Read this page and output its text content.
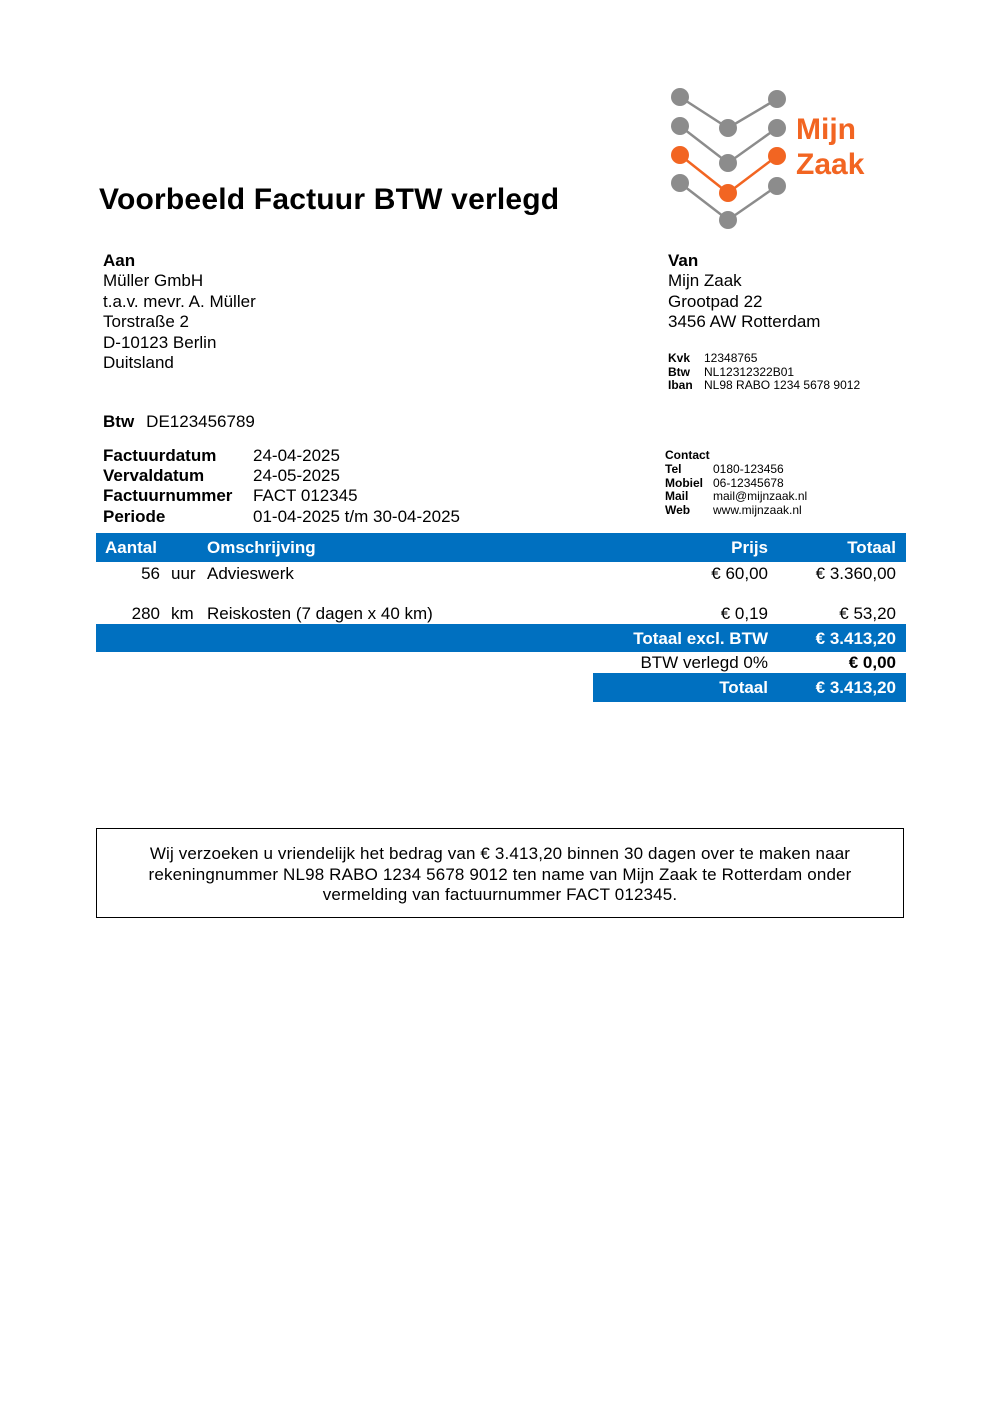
Voorbeeld Factuur BTW verlegd
Mijn
Zaak
Aan
Müller GmbH
t.a.v. mevr. A. Müller
Torstraße 2
D-10123 Berlin
Duitsland
Van
Mijn Zaak
Grootpad 22
3456 AW Rotterdam
Kvk	12348765
Btw	NL12312322B01
Iban NL98 RABO 1234 5678 9012
Btw DE123456789
Factuurdatum	24-04-2025
Vervaldatum	24-05-2025
Factuurnummer	FACT 012345
Periode	01-04-2025 t/m 30-04-2025
Contact
Tel	0180-123456
Mobiel 06-12345678
Mail	mail@mijnzaak.nl
Web	www.mijnzaak.nl
Aantal	Omschrijving	Prijs	Totaal
56 uur Advieswerk	€ 60,00	€ 3.360,00
280 km Reiskosten (7 dagen x 40 km)	€ 0,19	€ 53,20
Totaal excl. BTW	€ 3.413,20
BTW verlegd 0%	€ 0,00
Totaal	€ 3.413,20
Wij verzoeken u vriendelijk het bedrag van € 3.413,20 binnen 30 dagen over te maken naar
rekeningnummer NL98 RABO 1234 5678 9012 ten name van Mijn Zaak te Rotterdam onder
vermelding van factuurnummer FACT 012345.
